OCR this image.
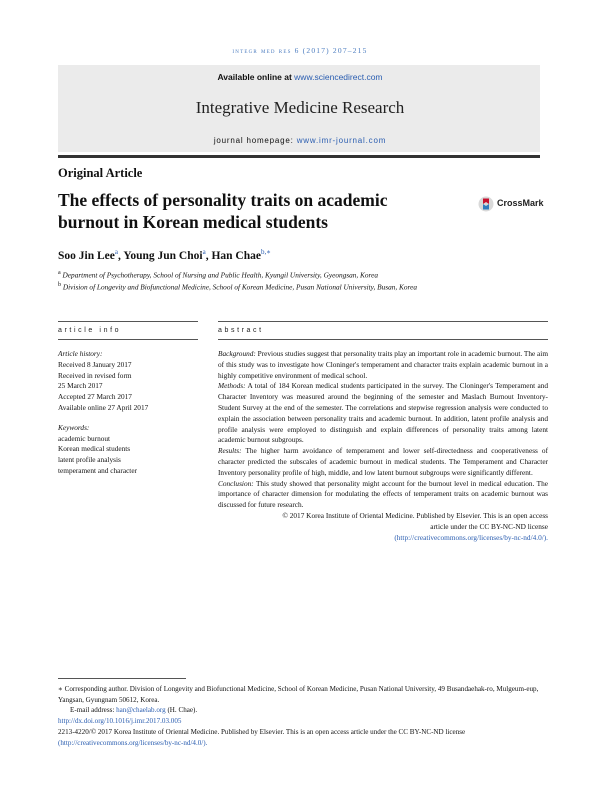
integr med res 6 (2017) 207–215
Available online at www.sciencedirect.com
Integrative Medicine Research
journal homepage: www.imr-journal.com
Original Article
The effects of personality traits on academic
burnout in Korean medical students
CrossMark
Soo Jin Lee$^a$, Young Jun Choi$^a$, Han Chae$^{b,∗}$
$^a$ Department of Psychotherapy, School of Nursing and Public Health, Kyungil University, Gyeongsan, Korea
$^b$ Division of Longevity and Biofunctional Medicine, School of Korean Medicine, Pusan National University, Busan, Korea
article info	abstract
Article history:
Received 8 January 2017
Received in revised form
25 March 2017
Accepted 27 March 2017
Available online 27 April 2017
Keywords:
academic burnout
Korean medical students
latent profile analysis
temperament and character

Background: Previous studies suggest that personality traits play an important role in academic burnout. The aim of this study was to investigate how Cloninger's temperament and character traits explain academic burnout in a highly competitive environment of medical school.

Methods: A total of 184 Korean medical students participated in the survey. The Cloninger's Temperament and Character Inventory was measured around the beginning of the semester and Maslach Burnout Inventory-Student Survey at the end of the semester. The correlations and stepwise regression analysis were conducted to explain the association between personality traits and academic burnout. In addition, latent profile analysis and profile analysis were employed to distinguish and explain differences of personality traits among latent academic burnout subgroups.

Results: The higher harm avoidance of temperament and lower self-directedness and cooperativeness of character predicted the subscales of academic burnout in medical students. The Temperament and Character Inventory personality profile of high, middle, and low latent burnout subgroups were significantly different.

Conclusion: This study showed that personality might account for the burnout level in medical education. The importance of character dimension for modulating the effects of temperament traits on academic burnout was discussed for future research.

© 2017 Korea Institute of Oriental Medicine. Published by Elsevier. This is an open access
article under the CC BY-NC-ND license
(http://creativecommons.org/licenses/by-nc-nd/4.0/).
∗ Corresponding author. Division of Longevity and Biofunctional Medicine, School of Korean Medicine, Pusan National University, 49 Busandaehak-ro, Mulgeum-eup, Yangsan, Gyungnam 50612, Korea.
E-mail address: han@chaelab.org (H. Chae).
http://dx.doi.org/10.1016/j.imr.2017.03.005
2213-4220/© 2017 Korea Institute of Oriental Medicine. Published by Elsevier. This is an open access article under the CC BY-NC-ND license
(http://creativecommons.org/licenses/by-nc-nd/4.0/).
